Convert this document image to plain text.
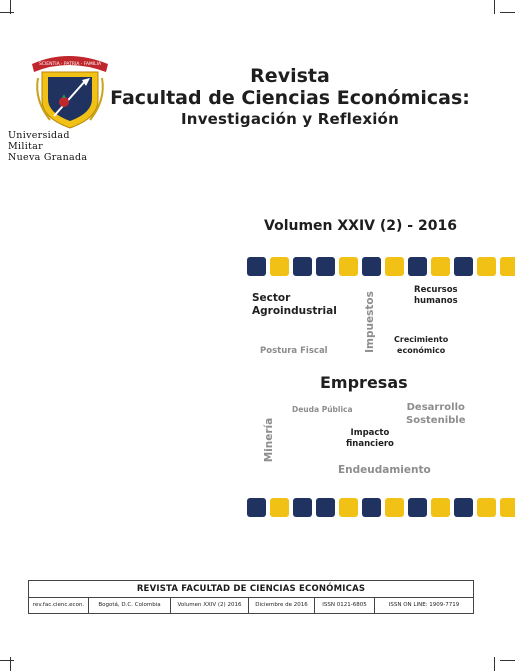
SCIENTIA · PATRIA · FAMILIA
Universidad Militar
Nueva Granada
Revista
Facultad de Ciencias Económicas:
Investigación y Reflexión
Volumen XXIV (2) - 2016
Sector
Agroindustrial	Impuestos
Recursos
humanos
Crecimiento
económico
Postura Fiscal
Empresas
Deuda Pública	Desarrollo
Sostenible
Minería	Impacto
financiero
Endeudamiento
REVISTA FACULTAD DE CIENCIAS ECONÓMICAS
rev.fac.cienc.econ.	Bogotá, D.C. Colombia	Volumen XXIV (2) 2016	Diciembre de 2016	ISSN 0121-6805	ISSN ON LINE: 1909-7719
